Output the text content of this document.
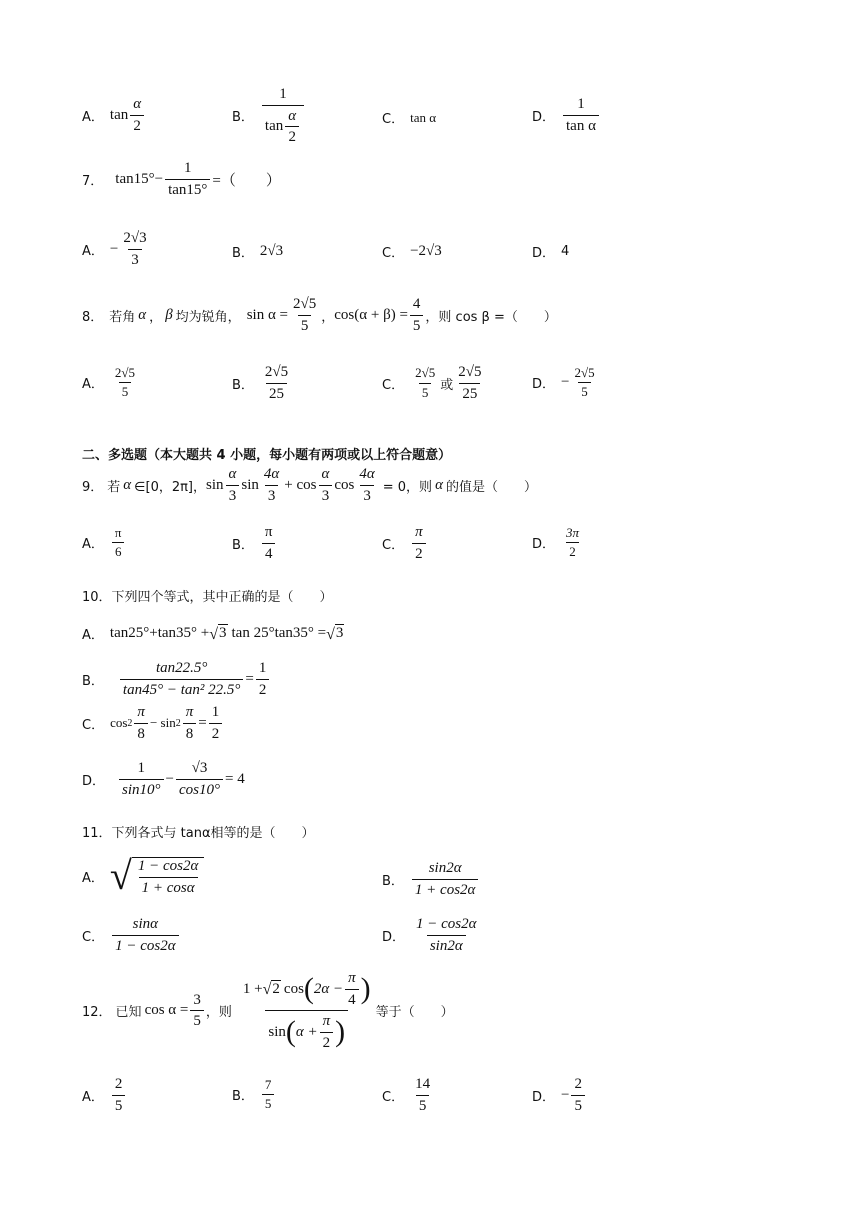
A． $\tan \frac{\alpha}{2}$	B． $\frac{1}{\tan \frac{\alpha}{2}}$	C． tan α	D． $\frac{1}{\text{tan α}}$
7． $\tan 15^\circ- \frac{1}{\tan 15^\circ}$ =（　　）
A． − $\frac{2√3}{3}$	B． 2√3	C． −2√3	D． 4
8． 若角 α ， β 均为锐角， $\sin \alpha = \frac{2√5}{5}$ ， $\cos(\alpha + \beta) = \frac{4}{5}$ ，则 cos β =（　　）
A． $\frac{2√5}{5}$	B． $\frac{2√5}{25}$	C． $\frac{2√5}{5}$ 或 $\frac{2√5}{25}$	D． − $\frac{2√5}{5}$
二、多选题（本大题共 4 小题，每小题有两项或以上符合题意）
9． 若 α ∈[0，2π]， $\sin \frac{\alpha}{3}$ $\sin \frac{4\alpha}{3} + \cos \frac{\alpha}{3}$ $\cos \frac{4\alpha}{3} = 0$，则 α 的值是（　　）
A． $\frac{\pi}{6}$	B． $\frac{\pi}{4}$	C． $\frac{\pi}{2}$	D． $\frac{3\pi}{2}$
10． 下列四个等式，其中正确的是（　　）
A． tan25°+tan35° + √ 3 tan 25°tan35° = √ 3
B． $\frac{\tan 22.5^\circ}{\text{tan45° − tan² 22.5°}} = \frac{1}{2}$
C． $\cos 2 \frac{\pi}{8} - \sin 2 \frac{\pi}{8} = \frac{1}{2}$
D． $\frac{1}{\sin 10^\circ} - \frac{√3}{\cos 10^\circ} = 4$
11． 下列各式与 tanα相等的是（　　）
A． √ $\frac{1 - \cos 2\alpha}{1 + \cos\alpha}$	B． $\frac{\sin 2\alpha}{1 + \cos 2\alpha}$
C． $\frac{\sin\alpha}{1 - \cos 2\alpha}$	D． $\frac{1 - \cos 2\alpha}{\sin 2\alpha}$
12． 已知 $\cos \alpha = \frac{3}{5}$ ，则 $\frac{1 + √ 2 \cos ( 2\alpha - \frac{\pi}{4} )}{\sin ( \alpha + \frac{\pi}{2} )}$ 等于（　　）
A． $\frac{2}{5}$	B． $\frac{7}{5}$	C． $\frac{14}{5}$	D． − $\frac{2}{5}$
